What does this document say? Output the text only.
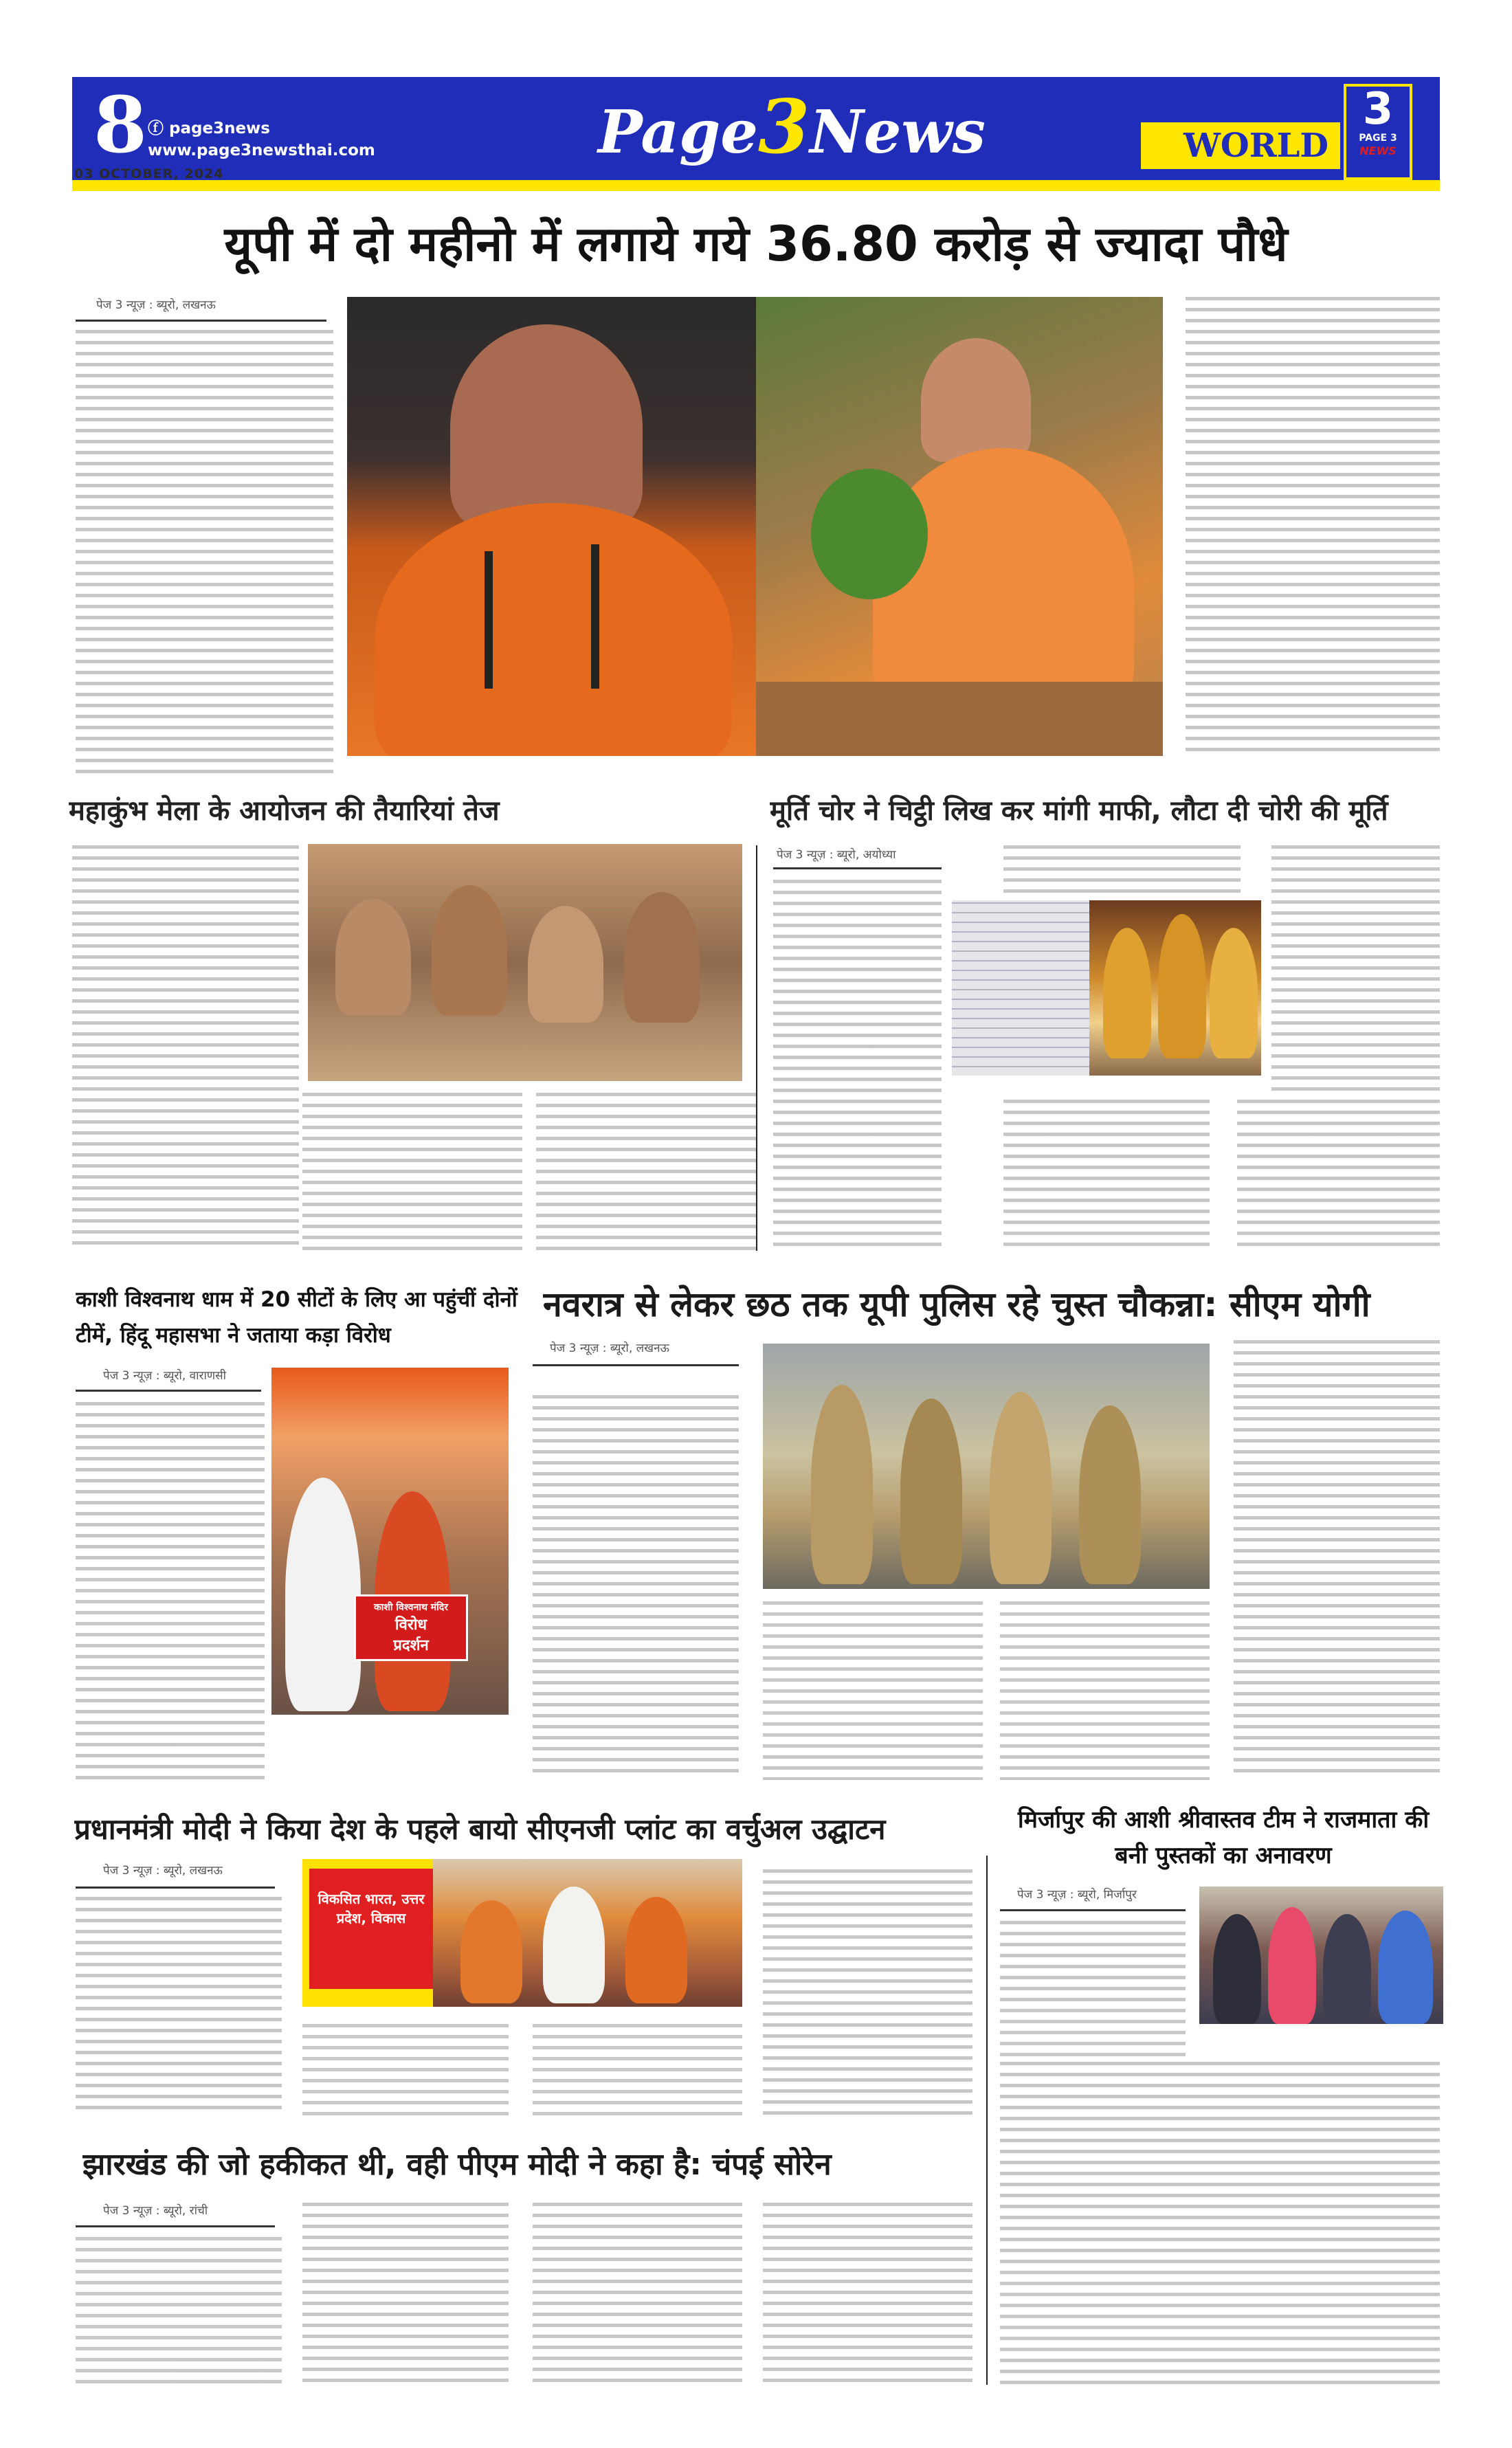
8 ⓕ page3news
www.page3newsthai.com
03 OCTOBER, 2024
Page3News	WORLD
3
PAGE 3
NEWS
यूपी में दो महीनो में लगाये गये 36.80 करोड़ से ज्यादा पौधे
पेज 3 न्यूज़ : ब्यूरो, लखनऊ
महाकुंभ मेला के आयोजन की तैयारियां तेज	मूर्ति चोर ने चिट्ठी लिख कर मांगी माफी, लौटा दी चोरी की मूर्ति
पेज 3 न्यूज़ : ब्यूरो, अयोध्या
काशी विश्वनाथ धाम में 20 सीटों के लिए आ पहुंचीं दोनों टीमें, हिंदू महासभा ने जताया कड़ा विरोध
पेज 3 न्यूज़ : ब्यूरो, वाराणसी
काशी विश्वनाथ मंदिर
विरोध
प्रदर्शन
नवरात्र से लेकर छठ तक यूपी पुलिस रहे चुस्त चौकन्ना: सीएम योगी
पेज 3 न्यूज़ : ब्यूरो, लखनऊ
प्रधानमंत्री मोदी ने किया देश के पहले बायो सीएनजी प्लांट का वर्चुअल उद्घाटन
पेज 3 न्यूज़ : ब्यूरो, लखनऊ
विकसित भारत, उत्तर प्रदेश, विकास
मिर्जापुर की आशी श्रीवास्तव टीम ने राजमाता की बनी पुस्तकों का अनावरण
पेज 3 न्यूज़ : ब्यूरो, मिर्जापुर
झारखंड की जो हकीकत थी, वही पीएम मोदी ने कहा है: चंपई सोरेन
पेज 3 न्यूज़ : ब्यूरो, रांची
